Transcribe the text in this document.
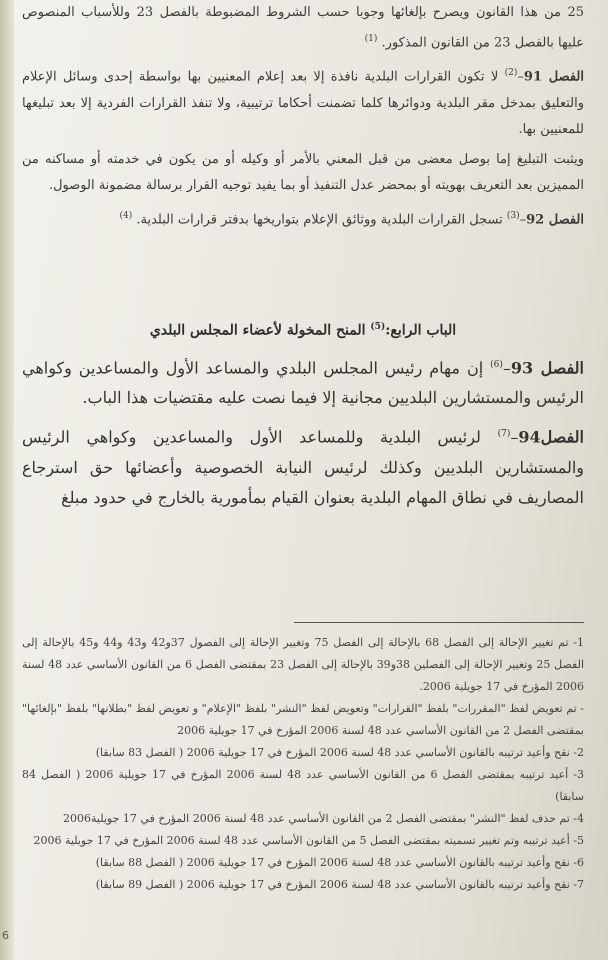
25 من هذا القانون ويصرح بإلغائها وجوبا حسب الشروط المضبوطة بالفصل 23 وللأسباب المنصوص عليها بالفصل 23 من القانون المذكور. $^{(1)}$

الفصل 91–$^{(2)}$ لا تكون القرارات البلدية نافذة إلا بعد إعلام المعنيين بها بواسطة إحدى وسائل الإعلام والتعليق بمدخل مقر البلدية ودوائرها كلما تضمنت أحكاما ترتيبية، ولا تنفذ القرارات الفردية إلا بعد تبليغها للمعنيين بها.

ويثبت التبليغ إما بوصل معضى من قبل المعني بالأمر أو وكيله أو من يكون في خدمته أو مساكنه من المميزين بعد التعريف بهويته أو بمحضر عدل التنفيذ أو بما يفيد توجيه القرار برسالة مضمونة الوصول.

الفصل 92–$^{(3)}$ تسجل القرارات البلدية ووثائق الإعلام بتواريخها بدفتر قرارات البلدية. $^{(4)}$

الباب الرابع:$^{(5)}$ المنح المخولة لأعضاء المجلس البلدي

الفصل 93–$^{(6)}$ إن مهام رئيس المجلس البلدي والمساعد الأول والمساعدين وكواهي الرئيس والمستشارين البلديين مجانية إلا فيما نصت عليه مقتضيات هذا الباب.

الفصل94–$^{(7)}$ لرئيس البلدية وللمساعد الأول والمساعدين وكواهي الرئيس والمستشارين البلديين وكذلك لرئيس النيابة الخصوصية وأعضائها حق استرجاع المصاريف في نطاق المهام البلدية بعنوان القيام بمأمورية بالخارج في حدود مبلغ

1- تم تغيير الإحالة إلى الفصل 68 بالإحالة إلى الفصل 75 وتغيير الإحالة إلى الفصول 37و42 و43 و44 و45 بالإحالة إلى الفصل 25 وتغيير الإحالة إلى الفصلين 38و39 بالإحالة إلى الفصل 23 بمقتضى الفصل 6 من القانون الأساسي عدد 48 لسنة 2006 المؤرخ في 17 جويلية 2006.
- تم تعويض لفظ "المقررات" بلفظ "القرارات" وتعويض لفظ "النشر" بلفظ "الإعلام" و تعويض لفظ "بطلانها" بلفظ "بإلغائها" بمقتضى الفصل 2 من القانون الأساسي عدد 48 لسنة 2006 المؤرخ في 17 جويلية 2006
2- نقح وأعيد ترتيبه بالقانون الأساسي عدد 48 لسنة 2006 المؤرخ في 17 جويلية 2006 ( الفصل 83 سابقا)
3- أعيد ترتيبه بمقتضى الفصل 6 من القانون الأساسي عدد 48 لسنة 2006 المؤرخ في 17 جويلية 2006 ( الفصل 84 سابقا)
4- تم حذف لفظ "النشر" بمقتضى الفصل 2 من القانون الأساسي عدد 48 لسنة 2006 المؤرخ في 17 جويلية2006
5- أعيد ترتيبه وتم تغيير تسميته بمقتضى الفصل 5 من القانون الأساسي عدد 48 لسنة 2006 المؤرخ في 17 جويلية 2006
6- نقح وأعيد ترتيبه بالقانون الأساسي عدد 48 لسنة 2006 المؤرخ في 17 جويلية 2006 ( الفصل 88 سابقا)
7- نقح وأعيد ترتيبه بالقانون الأساسي عدد 48 لسنة 2006 المؤرخ في 17 جويلية 2006 ( الفصل 89 سابقا)
6
